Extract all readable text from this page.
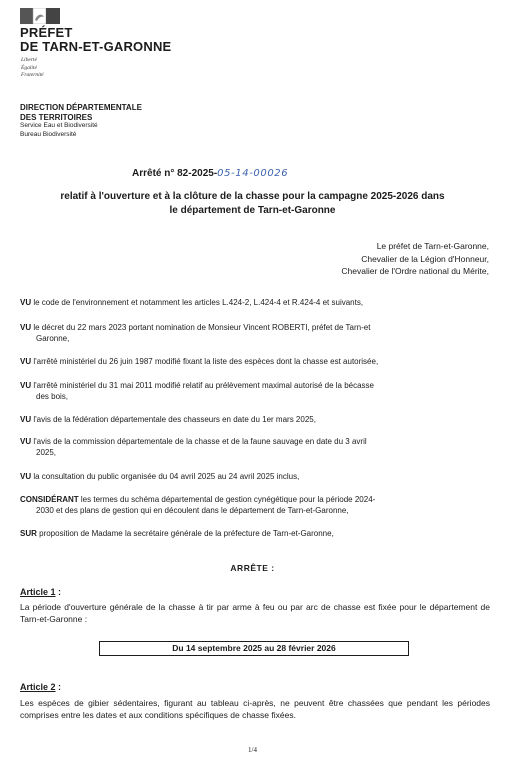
PRÉFET
DE TARN-ET-GARONNE
Liberté
Égalité
Fraternité
DIRECTION DÉPARTEMENTALE
DES TERRITOIRES
Service Eau et Biodiversité
Bureau Biodiversité
Arrêté n° 82-2025-05-14-00026
relatif à l'ouverture et à la clôture de la chasse pour la campagne 2025-2026 dans le département de Tarn-et-Garonne
Le préfet de Tarn-et-Garonne,
Chevalier de la Légion d'Honneur,
Chevalier de l'Ordre national du Mérite,
VU le code de l'environnement et notamment les articles L.424-2, L.424-4 et R.424-4 et suivants,
VU le décret du 22 mars 2023 portant nomination de Monsieur Vincent ROBERTI, préfet de Tarn-et
Garonne,
VU l'arrêté ministériel du 26 juin 1987 modifié fixant la liste des espèces dont la chasse est autorisée,
VU l'arrêté ministériel du 31 mai 2011 modifié relatif au prélèvement maximal autorisé de la bécasse
des bois,
VU l'avis de la fédération départementale des chasseurs en date du 1er mars 2025,
VU l'avis de la commission départementale de la chasse et de la faune sauvage en date du 3 avril
2025,
VU la consultation du public organisée du 04 avril 2025 au 24 avril 2025 inclus,
CONSIDÉRANT les termes du schéma départemental de gestion cynégétique pour la période 2024-
2030 et des plans de gestion qui en découlent dans le département de Tarn-et-Garonne,
SUR proposition de Madame la secrétaire générale de la préfecture de Tarn-et-Garonne,
ARRÊTE :
Article 1 :
La période d'ouverture générale de la chasse à tir par arme à feu ou par arc de chasse est fixée pour le département de Tarn-et-Garonne :
Du 14 septembre 2025 au 28 février 2026
Article 2 :
Les espèces de gibier sédentaires, figurant au tableau ci-après, ne peuvent être chassées que pendant les périodes comprises entre les dates et aux conditions spécifiques de chasse fixées.
1/4
